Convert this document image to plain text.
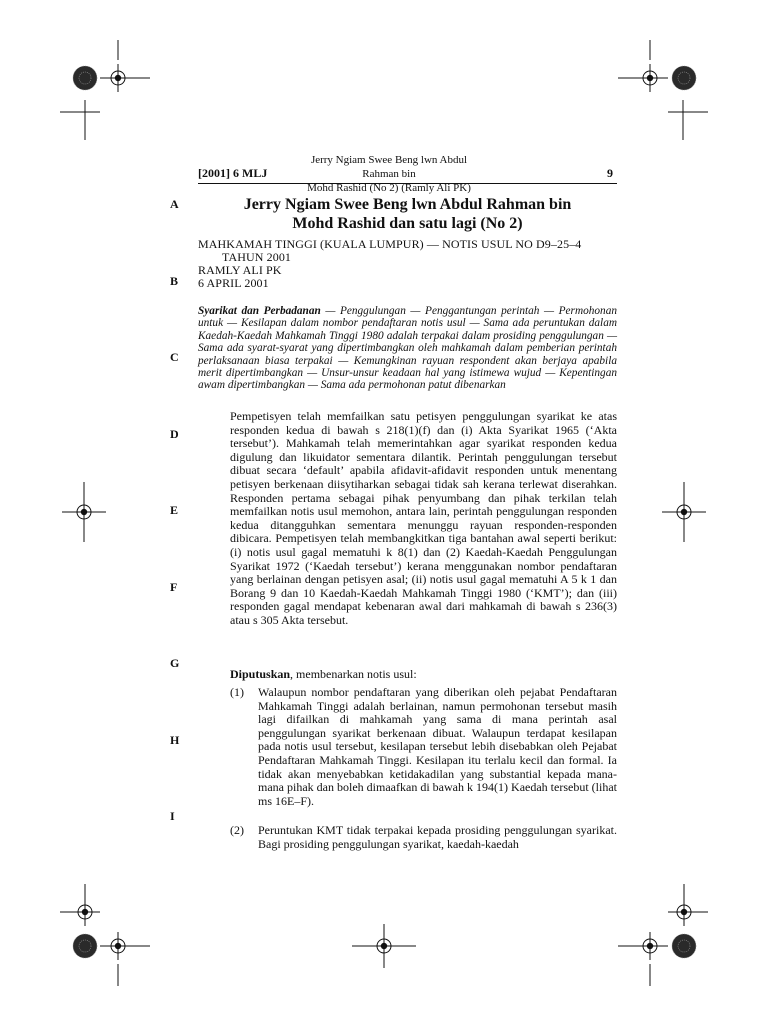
[2001] 6 MLJ
Jerry Ngiam Swee Beng lwn Abdul Rahman bin
Mohd Rashid (No 2) (Ramly Ali PK)
9
A
B
C
D
E
F
G
H
I
Jerry Ngiam Swee Beng lwn Abdul Rahman bin
Mohd Rashid dan satu lagi (No 2)
MAHKAMAH TINGGI (KUALA LUMPUR) — NOTIS USUL NO D9–25–4
TAHUN 2001
RAMLY ALI PK
6 APRIL 2001
Syarikat dan Perbadanan — Penggulungan — Penggantungan perintah — Permohonan untuk — Kesilapan dalam nombor pendaftaran notis usul — Sama ada peruntukan dalam Kaedah-Kaedah Mahkamah Tinggi 1980 adalah terpakai dalam prosiding penggulungan — Sama ada syarat-syarat yang dipertimbangkan oleh mahkamah dalam pemberian perintah perlaksanaan biasa terpakai — Kemungkinan rayuan respondent akan berjaya apabila merit dipertimbangkan — Unsur-unsur keadaan hal yang istimewa wujud — Kepentingan awam dipertimbangkan — Sama ada permohonan patut dibenarkan
Pempetisyen telah memfailkan satu petisyen penggulungan syarikat ke atas responden kedua di bawah s 218(1)(f) dan (i) Akta Syarikat 1965 (‘Akta tersebut’). Mahkamah telah memerintahkan agar syarikat responden kedua digulung dan likuidator sementara dilantik. Perintah penggulungan tersebut dibuat secara ‘default’ apabila afidavit-afidavit responden untuk menentang petisyen berkenaan diisytiharkan sebagai tidak sah kerana terlewat diserahkan. Responden pertama sebagai pihak penyumbang dan pihak terkilan telah memfailkan notis usul memohon, antara lain, perintah penggulungan responden kedua ditangguhkan sementara menunggu rayuan responden-responden dibicara. Pempetisyen telah membangkitkan tiga bantahan awal seperti berikut: (i) notis usul gagal mematuhi k 8(1) dan (2) Kaedah-Kaedah Penggulungan Syarikat 1972 (‘Kaedah tersebut’) kerana menggunakan nombor pendaftaran yang berlainan dengan petisyen asal; (ii) notis usul gagal mematuhi A 5 k 1 dan Borang 9 dan 10 Kaedah-Kaedah Mahkamah Tinggi 1980 (‘KMT’); dan (iii) responden gagal mendapat kebenaran awal dari mahkamah di bawah s 236(3) atau s 305 Akta tersebut.
Diputuskan, membenarkan notis usul:
(1) Walaupun nombor pendaftaran yang diberikan oleh pejabat Pendaftaran Mahkamah Tinggi adalah berlainan, namun permohonan tersebut masih lagi difailkan di mahkamah yang sama di mana perintah asal penggulungan syarikat berkenaan dibuat. Walaupun terdapat kesilapan pada notis usul tersebut, kesilapan tersebut lebih disebabkan oleh Pejabat Pendaftaran Mahkamah Tinggi. Kesilapan itu terlalu kecil dan formal. Ia tidak akan menyebabkan ketidakadilan yang substantial kepada mana-mana pihak dan boleh dimaafkan di bawah k 194(1) Kaedah tersebut (lihat ms 16E–F).
(2) Peruntukan KMT tidak terpakai kepada prosiding penggulungan syarikat. Bagi prosiding penggulungan syarikat, kaedah-kaedah
